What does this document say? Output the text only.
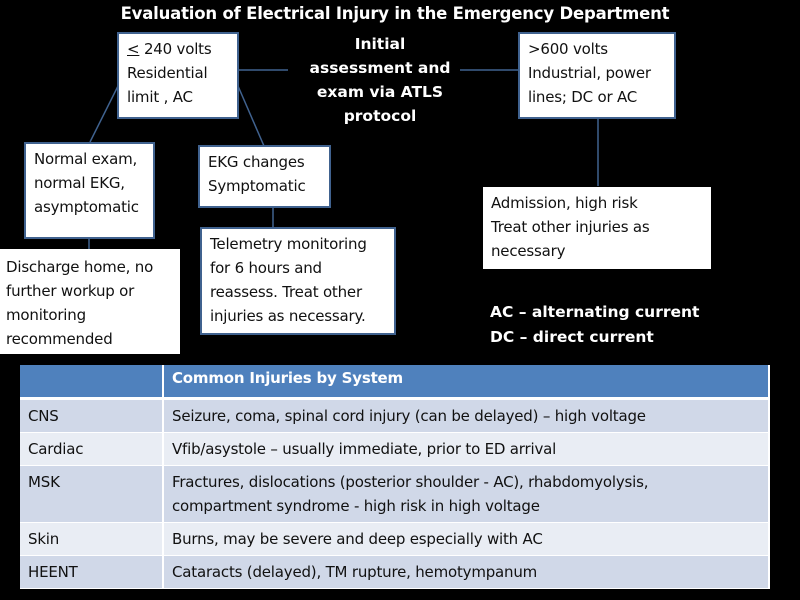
Evaluation of Electrical Injury in the Emergency Department
Initial
assessment and
exam via ATLS
protocol
≤ 240 volts
Residential
limit , AC
>600 volts
Industrial, power
lines; DC or AC
Normal exam,
normal EKG,
asymptomatic
EKG changes
Symptomatic
Discharge home, no
further workup or
monitoring
recommended
Telemetry monitoring
for 6 hours and
reassess. Treat other
injuries as necessary.
Admission, high risk
Treat other injuries as
necessary
AC – alternating current
DC – direct current
	Common Injuries by System
CNS	Seizure, coma, spinal cord injury (can be delayed) – high voltage
Cardiac	Vfib/asystole – usually immediate, prior to ED arrival
MSK	Fractures, dislocations (posterior shoulder - AC), rhabdomyolysis, compartment syndrome - high risk in high voltage
Skin	Burns, may be severe and deep especially with AC
HEENT	Cataracts (delayed), TM rupture, hemotympanum
